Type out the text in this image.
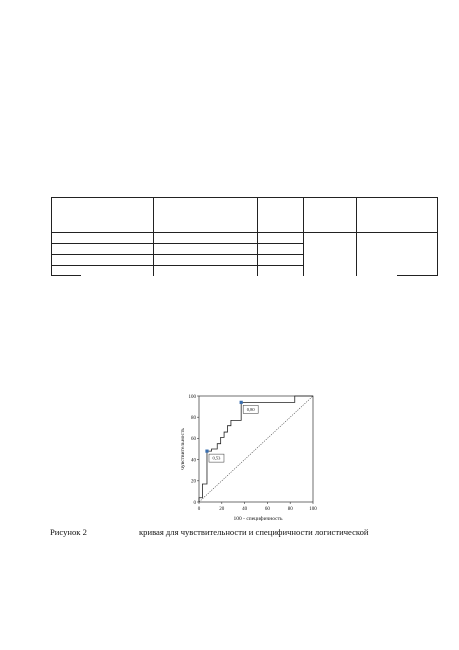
0	20	40	60	80	100
0
20
40
60
80
100
100 - специфичность
чувствительность	0,53
0,80
Рисунок 2	кривая для чувствительности и специфичности логистической
